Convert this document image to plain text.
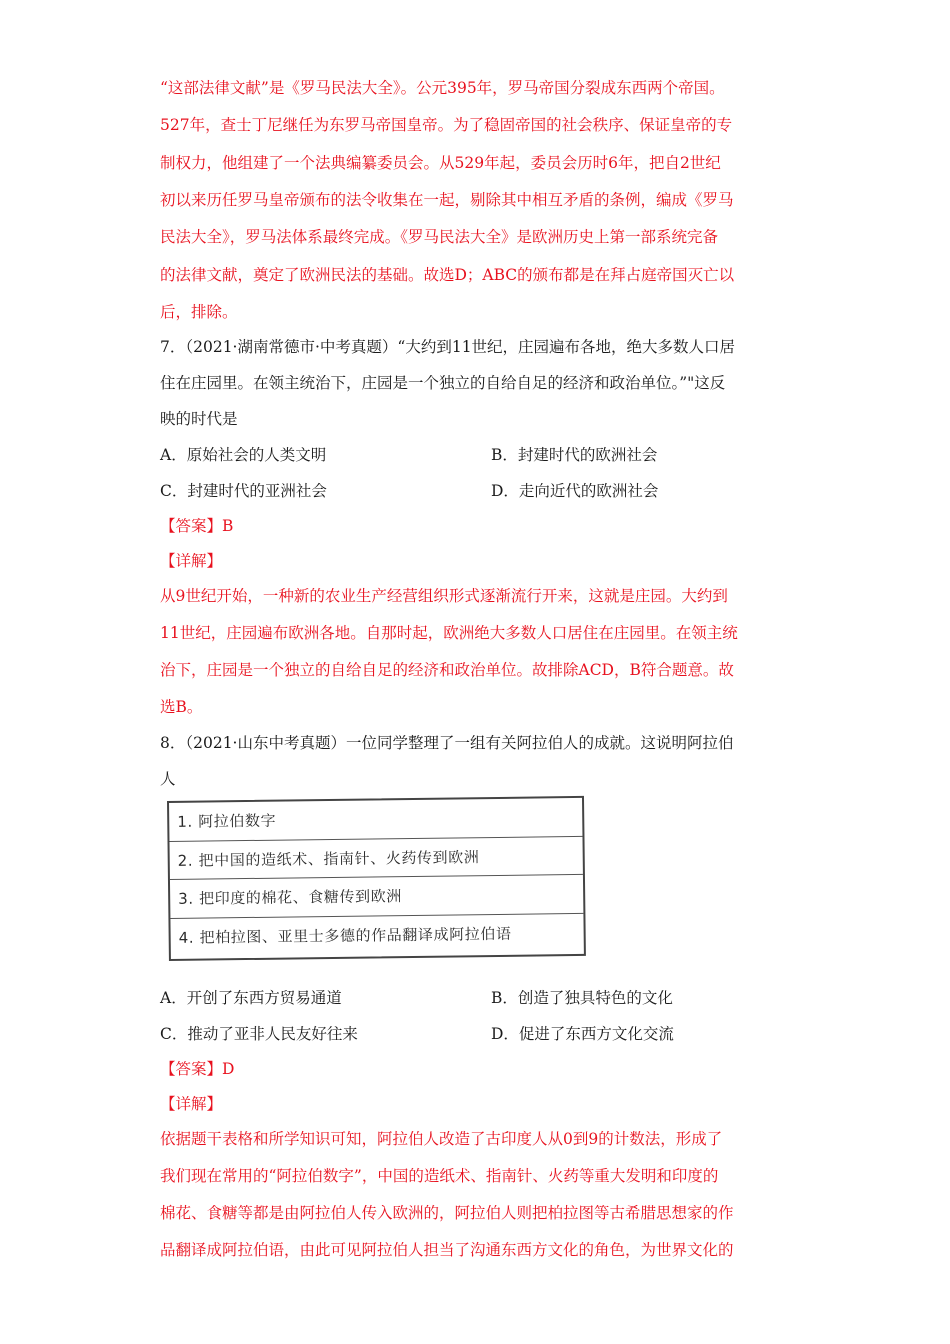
“这部法律文献”是《罗马民法大全》。公元395年，罗马帝国分裂成东西两个帝国。
527年，查士丁尼继任为东罗马帝国皇帝。为了稳固帝国的社会秩序、保证皇帝的专
制权力，他组建了一个法典编纂委员会。从529年起，委员会历时6年，把自2世纪
初以来历任罗马皇帝颁布的法令收集在一起，剔除其中相互矛盾的条例，编成《罗马
民法大全》，罗马法体系最终完成。《罗马民法大全》是欧洲历史上第一部系统完备
的法律文献，奠定了欧洲民法的基础。故选D；ABC的颁布都是在拜占庭帝国灭亡以
后，排除。
7．（2021·湖南常德市·中考真题）“大约到11世纪，庄园遍布各地，绝大多数人口居
住在庄园里。在领主统治下，庄园是一个独立的自给自足的经济和政治单位。”"这反
映的时代是
A．原始社会的人类文明	B．封建时代的欧洲社会
C．封建时代的亚洲社会	D．走向近代的欧洲社会
【答案】B
【详解】
从9世纪开始，一种新的农业生产经营组织形式逐渐流行开来，这就是庄园。大约到
11世纪，庄园遍布欧洲各地。自那时起，欧洲绝大多数人口居住在庄园里。在领主统
治下，庄园是一个独立的自给自足的经济和政治单位。故排除ACD，B符合题意。故
选B。
8．（2021·山东中考真题）一位同学整理了一组有关阿拉伯人的成就。这说明阿拉伯
人
1. 阿拉伯数字
2. 把中国的造纸术、指南针、火药传到欧洲
3. 把印度的棉花、食糖传到欧洲
4. 把柏拉图、亚里士多德的作品翻译成阿拉伯语
A．开创了东西方贸易通道	B．创造了独具特色的文化
C．推动了亚非人民友好往来	D．促进了东西方文化交流
【答案】D
【详解】
依据题干表格和所学知识可知，阿拉伯人改造了古印度人从0到9的计数法，形成了
我们现在常用的“阿拉伯数字”，中国的造纸术、指南针、火药等重大发明和印度的
棉花、食糖等都是由阿拉伯人传入欧洲的，阿拉伯人则把柏拉图等古希腊思想家的作
品翻译成阿拉伯语，由此可见阿拉伯人担当了沟通东西方文化的角色，为世界文化的
